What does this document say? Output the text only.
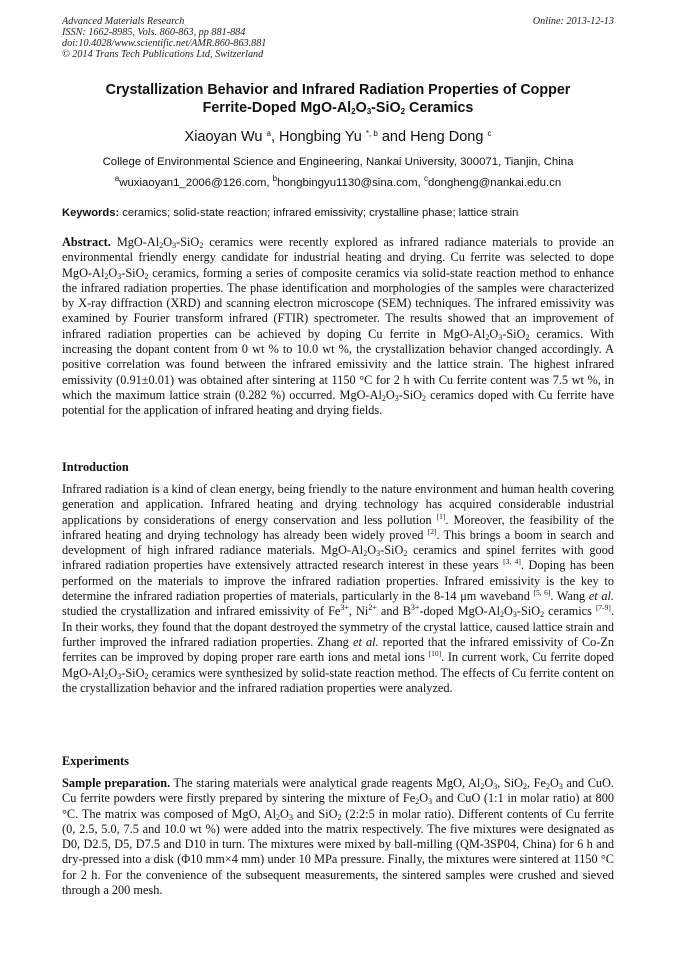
Advanced Materials Research
ISSN: 1662-8985, Vols. 860-863, pp 881-884
doi:10.4028/www.scientific.net/AMR.860-863.881
© 2014 Trans Tech Publications Ltd, Switzerland
Online: 2013-12-13
Crystallization Behavior and Infrared Radiation Properties of Copper
Ferrite-Doped MgO-$Al_2O_3-SiO_2$ Ceramics
Xiaoyan Wu $^a$, Hongbing Yu $^{*, b}$ and Heng Dong $^c$
College of Environmental Science and Engineering, Nankai University, 300071, Tianjin, China
$^a$wuxiaoyan1_2006@126.com, $^b$hongbingyu1130@sina.com, $^c$dongheng@nankai.edu.cn
Keywords: ceramics; solid-state reaction; infrared emissivity; crystalline phase; lattice strain

Abstract. MgO-$Al_2O_3-SiO_2$ ceramics were recently explored as infrared radiance materials to provide an environmental friendly energy candidate for industrial heating and drying. Cu ferrite was selected to dope MgO-$Al_2O_3-SiO_2$ ceramics, forming a series of composite ceramics via solid-state reaction method to enhance the infrared radiation properties. The phase identification and morphologies of the samples were characterized by X-ray diffraction (XRD) and scanning electron microscope (SEM) techniques. The infrared emissivity was examined by Fourier transform infrared (FTIR) spectrometer. The results showed that an improvement of infrared radiation properties can be achieved by doping Cu ferrite in MgO-$Al_2O_3-SiO_2$ ceramics. With increasing the dopant content from 0 wt % to 10.0 wt %, the crystallization behavior changed accordingly. A positive correlation was found between the infrared emissivity and the lattice strain. The highest infrared emissivity (0.91±0.01) was obtained after sintering at 1150 °C for 2 h with Cu ferrite content was 7.5 wt %, in which the maximum lattice strain (0.282 %) occurred. MgO-$Al_2O_3-SiO_2$ ceramics doped with Cu ferrite have potential for the application of infrared heating and drying fields.

Introduction

Infrared radiation is a kind of clean energy, being friendly to the nature environment and human health covering generation and application. Infrared heating and drying technology has acquired considerable industrial applications by considerations of energy conservation and less pollution [1]. Moreover, the feasibility of the infrared heating and drying technology has already been widely proved [2]. This brings a boom in search and development of high infrared radiance materials. MgO-$Al_2O_3-SiO_2$ ceramics and spinel ferrites with good infrared radiation properties have extensively attracted research interest in these years [3, 4]. Doping has been performed on the materials to improve the infrared radiation properties. Infrared emissivity is the key to determine the infrared radiation properties of materials, particularly in the 8-14 μm waveband [5, 6]. Wang et al. studied the crystallization and infrared emissivity of $Fe^{3+}$, $Ni^{2+}$ and $B^{3+}$-doped MgO-$Al_2O_3-SiO_2$ ceramics [7-9]. In their works, they found that the dopant destroyed the symmetry of the crystal lattice, caused lattice strain and further improved the infrared radiation properties. Zhang et al. reported that the infrared emissivity of Co-Zn ferrites can be improved by doping proper rare earth ions and metal ions [10]. In current work, Cu ferrite doped MgO-$Al_2O_3-SiO_2$ ceramics were synthesized by solid-state reaction method. The effects of Cu ferrite content on the crystallization behavior and the infrared radiation properties were analyzed.

Experiments

Sample preparation. The staring materials were analytical grade reagents MgO, $Al_2O_3$, SiO$_2$, $Fe_2O_3$ and CuO. Cu ferrite powders were firstly prepared by sintering the mixture of $Fe_2O_3$ and CuO (1:1 in molar ratio) at 800 °C. The matrix was composed of MgO, $Al_2O_3$ and SiO$_2$ (2:2:5 in molar ratio). Different contents of Cu ferrite (0, 2.5, 5.0, 7.5 and 10.0 wt %) were added into the matrix respectively. The five mixtures were designated as D0, D2.5, D5, D7.5 and D10 in turn. The mixtures were mixed by ball-milling (QM-3SP04, China) for 6 h and dry-pressed into a disk (Φ10 mm×4 mm) under 10 MPa pressure. Finally, the mixtures were sintered at 1150 °C for 2 h. For the convenience of the subsequent measurements, the sintered samples were crushed and sieved through a 200 mesh.
